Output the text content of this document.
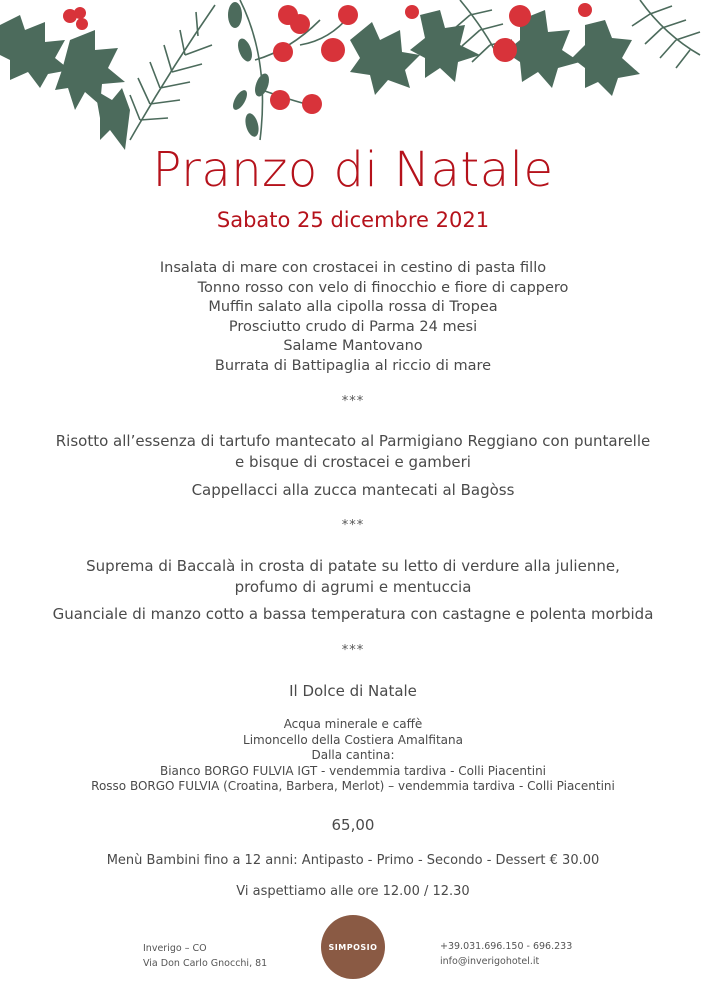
Pranzo di Natale
Sabato 25 dicembre 2021
Insalata di mare con crostacei in cestino di pasta fillo
Tonno rosso con velo di finocchio e fiore di cappero
Muffin salato alla cipolla rossa di Tropea
Prosciutto crudo di Parma 24 mesi
Salame Mantovano
Burrata di Battipaglia al riccio di mare
***
Risotto all’essenza di tartufo mantecato al Parmigiano Reggiano con puntarelle
e bisque di crostacei e gamberi
Cappellacci alla zucca mantecati al Bagòss
***
Suprema di Baccalà in crosta di patate su letto di verdure alla julienne,
profumo di agrumi e mentuccia
Guanciale di manzo cotto a bassa temperatura con castagne e polenta morbida
***
Il Dolce di Natale
Acqua minerale e caffè
Limoncello della Costiera Amalfitana
Dalla cantina:
Bianco BORGO FULVIA IGT - vendemmia tardiva - Colli Piacentini
Rosso BORGO FULVIA (Croatina, Barbera, Merlot) – vendemmia tardiva - Colli Piacentini
65,00
Menù Bambini fino a 12 anni: Antipasto - Primo - Secondo - Dessert € 30.00
Vi aspettiamo alle ore 12.00 / 12.30
Inverigo – CO
Via Don Carlo Gnocchi, 81
SIMPOSIO	+39.031.696.150 - 696.233
info@inverigohotel.it
